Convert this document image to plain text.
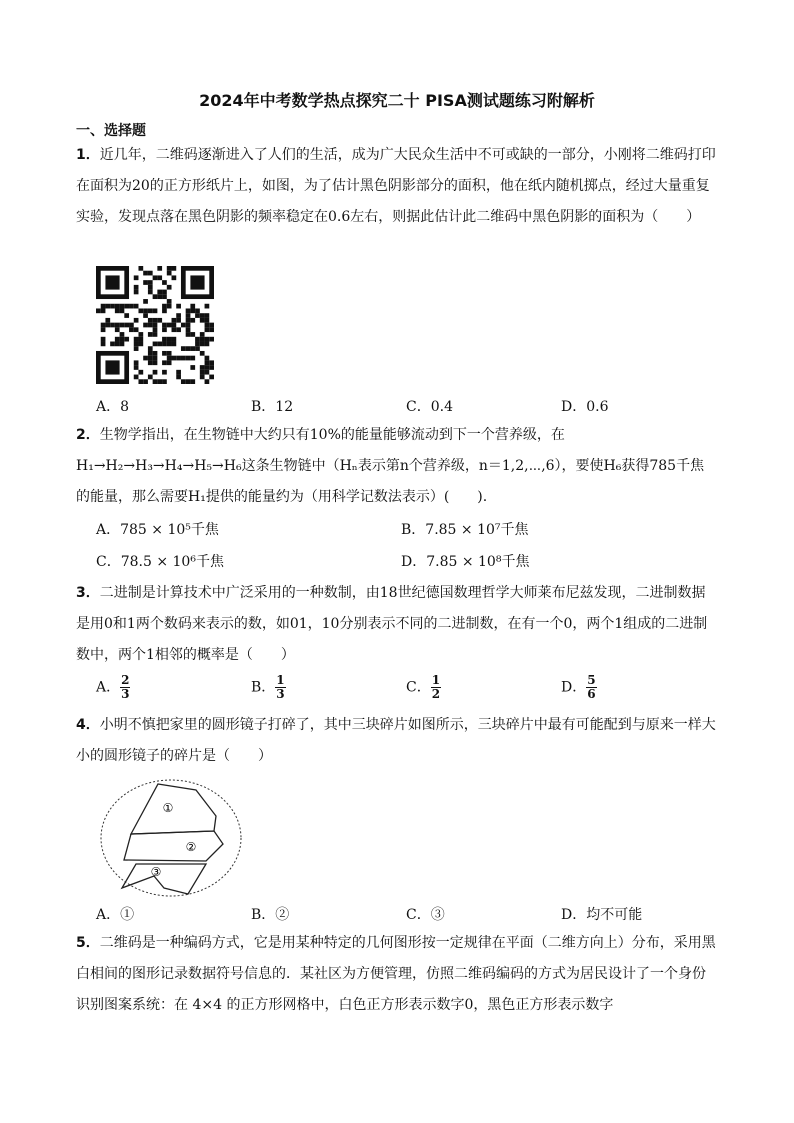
2024年中考数学热点探究二十 PISA测试题练习附解析
一、选择题
1．近几年，二维码逐渐进入了人们的生活，成为广大民众生活中不可或缺的一部分，小刚将二维码打印在面积为20的正方形纸片上，如图，为了估计黑色阴影部分的面积，他在纸内随机掷点，经过大量重复实验，发现点落在黑色阴影的频率稳定在0.6左右，则据此估计此二维码中黑色阴影的面积为（　　）
A．8	B．12	C．0.4	D．0.6
2．生物学指出，在生物链中大约只有10%的能量能够流动到下一个营养级，在H₁→H₂→H₃→H₄→H₅→H₆这条生物链中（Hₙ表示第n个营养级，n＝1,2,⋯,6），要使H₆获得785千焦的能量，那么需要H₁提供的能量约为（用科学记数法表示）(　　).
A．785 × 10⁵千焦	B．7.85 × 10⁷千焦
C．78.5 × 10⁶千焦	D．7.85 × 10⁸千焦
3．二进制是计算技术中广泛采用的一种数制，由18世纪德国数理哲学大师莱布尼兹发现，二进制数据是用0和1两个数码来表示的数，如01，10分别表示不同的二进制数，在有一个0，两个1组成的二进制数中，两个1相邻的概率是（　　）
A． $\frac{2}{3}$	B． $\frac{1}{3}$	C． $\frac{1}{2}$	D． $\frac{5}{6}$
4．小明不慎把家里的圆形镜子打碎了，其中三块碎片如图所示，三块碎片中最有可能配到与原来一样大小的圆形镜子的碎片是（　　）
①
②
③
A．①	B．②	C．③	D．均不可能
5．二维码是一种编码方式，它是用某种特定的几何图形按一定规律在平面（二维方向上）分布，采用黑白相间的图形记录数据符号信息的．某社区为方便管理，仿照二维码编码的方式为居民设计了一个身份识别图案系统：在 4×4 的正方形网格中，白色正方形表示数字0，黑色正方形表示数字
